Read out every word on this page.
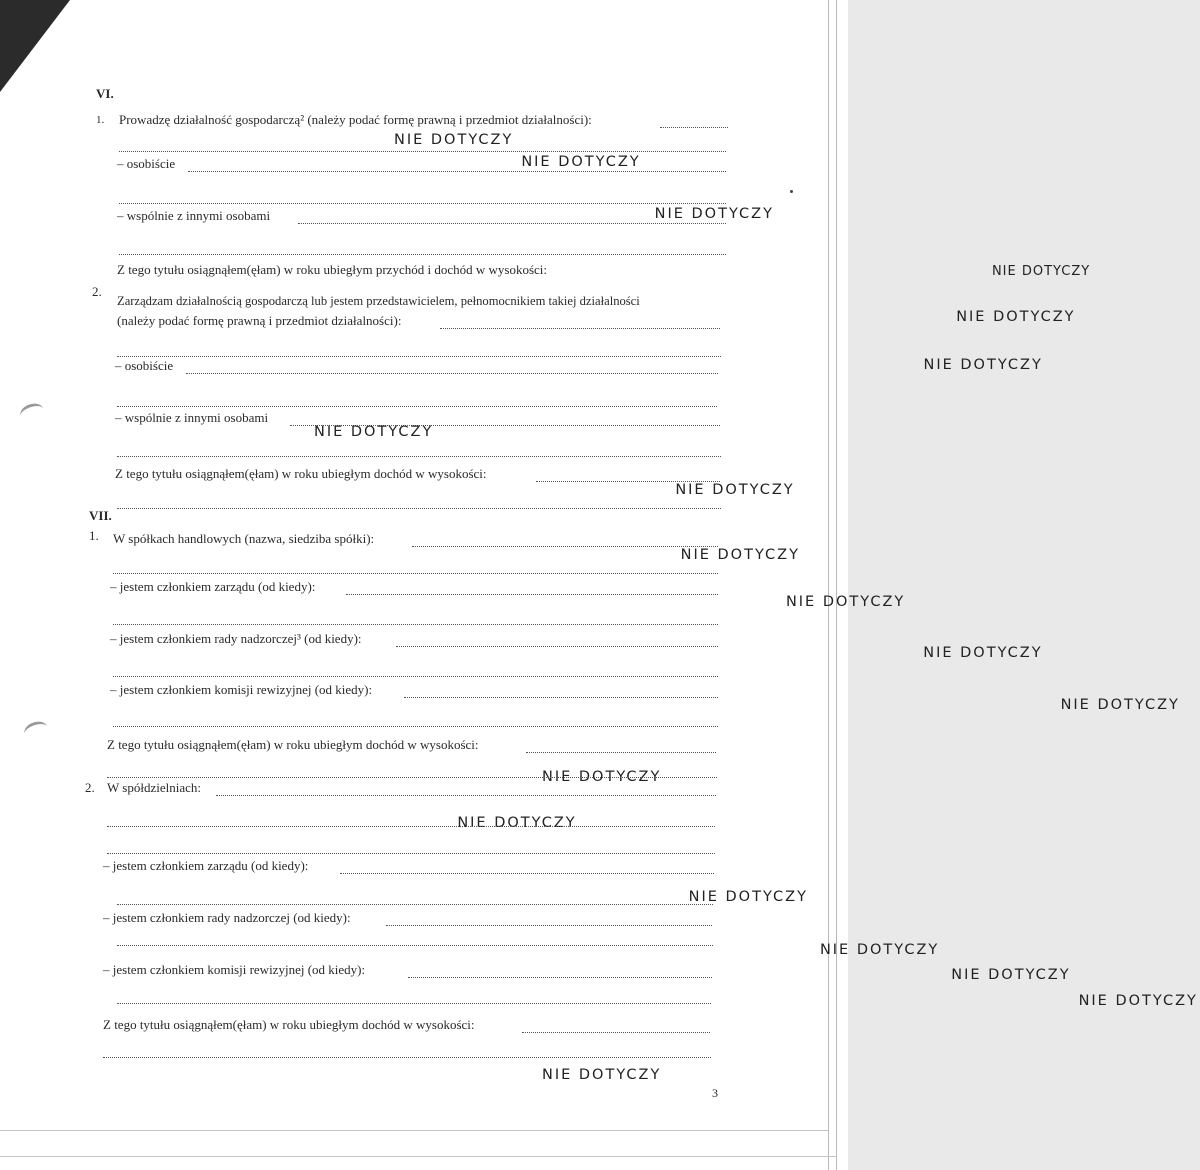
VI.
1. Prowadzę działalność gospodarczą² (należy podać formę prawną i przedmiot działalności):
NIE DOTYCZY
– osobiście	NIE DOTYCZY
– wspólnie z innymi osobami	NIE DOTYCZY
Z tego tytułu osiągnąłem(ęłam) w roku ubiegłym przychód i dochód w wysokości:	$_{NIE DOTYCZY}$
2.
Zarządzam działalnością gospodarczą lub jestem przedstawicielem, pełnomocnikiem takiej działalności
(należy podać formę prawną i przedmiot działalności):	NIE DOTYCZY
– osobiście	NIE DOTYCZY
– wspólnie z innymi osobami
NIE DOTYCZY
Z tego tytułu osiągnąłem(ęłam) w roku ubiegłym dochód w wysokości:
NIE DOTYCZY
VII.
1. W spółkach handlowych (nazwa, siedziba spółki):
NIE DOTYCZY
– jestem członkiem zarządu (od kiedy):
NIE DOTYCZY
– jestem członkiem rady nadzorczej³ (od kiedy):
NIE DOTYCZY
– jestem członkiem komisji rewizyjnej (od kiedy):
NIE DOTYCZY
Z tego tytułu osiągnąłem(ęłam) w roku ubiegłym dochód w wysokości:
NIE DOTYCZY
2. W spółdzielniach:
NIE DOTYCZY
– jestem członkiem zarządu (od kiedy):
NIE DOTYCZY
– jestem członkiem rady nadzorczej (od kiedy):
NIE DOTYCZY
NIE DOTYCZY
– jestem członkiem komisji rewizyjnej (od kiedy):
NIE DOTYCZY
Z tego tytułu osiągnąłem(ęłam) w roku ubiegłym dochód w wysokości:
NIE DOTYCZY
3
